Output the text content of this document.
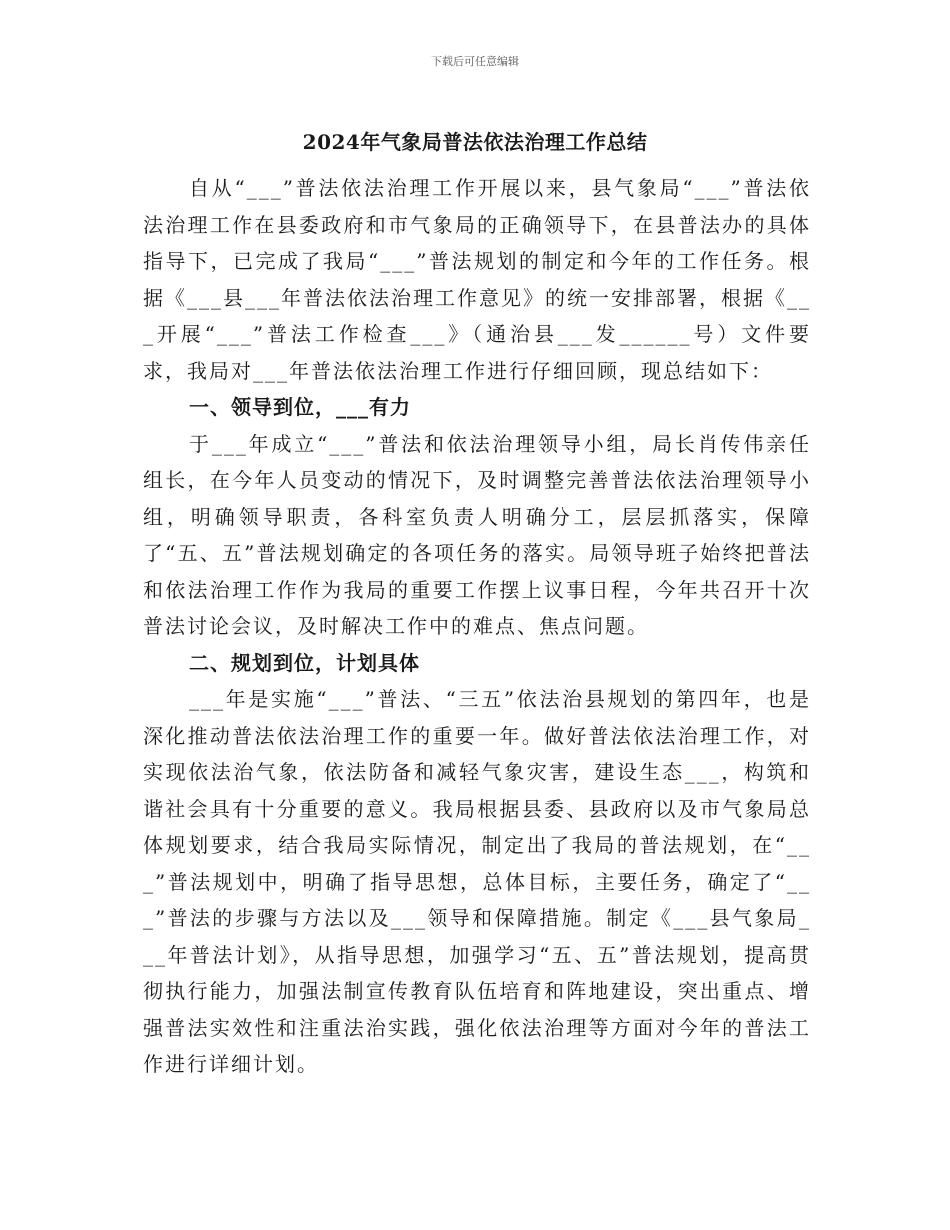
下载后可任意编辑
2024年气象局普法依法治理工作总结

自从“___”普法依法治理工作开展以来，县气象局“___”普法依法治理工作在县委政府和市气象局的正确领导下，在县普法办的具体指导下，已完成了我局“___”普法规划的制定和今年的工作任务。根据《___县___年普法依法治理工作意见》的统一安排部署，根据《___开展“___”普法工作检查___》（通治县___发______号）文件要求，我局对___年普法依法治理工作进行仔细回顾，现总结如下：

一、领导到位，___有力

于___年成立“___”普法和依法治理领导小组，局长肖传伟亲任组长，在今年人员变动的情况下，及时调整完善普法依法治理领导小组，明确领导职责，各科室负责人明确分工，层层抓落实，保障了“五、五”普法规划确定的各项任务的落实。局领导班子始终把普法和依法治理工作作为我局的重要工作摆上议事日程，今年共召开十次普法讨论会议，及时解决工作中的难点、焦点问题。

二、规划到位，计划具体

___年是实施“___”普法、“三五”依法治县规划的第四年，也是深化推动普法依法治理工作的重要一年。做好普法依法治理工作，对实现依法治气象，依法防备和减轻气象灾害，建设生态___，构筑和谐社会具有十分重要的意义。我局根据县委、县政府以及市气象局总体规划要求，结合我局实际情况，制定出了我局的普法规划，在“___”普法规划中，明确了指导思想，总体目标，主要任务，确定了“___”普法的步骤与方法以及___领导和保障措施。制定《___县气象局___年普法计划》，从指导思想，加强学习“五、五”普法规划，提高贯彻执行能力，加强法制宣传教育队伍培育和阵地建设，突出重点、增强普法实效性和注重法治实践，强化依法治理等方面对今年的普法工作进行详细计划。
